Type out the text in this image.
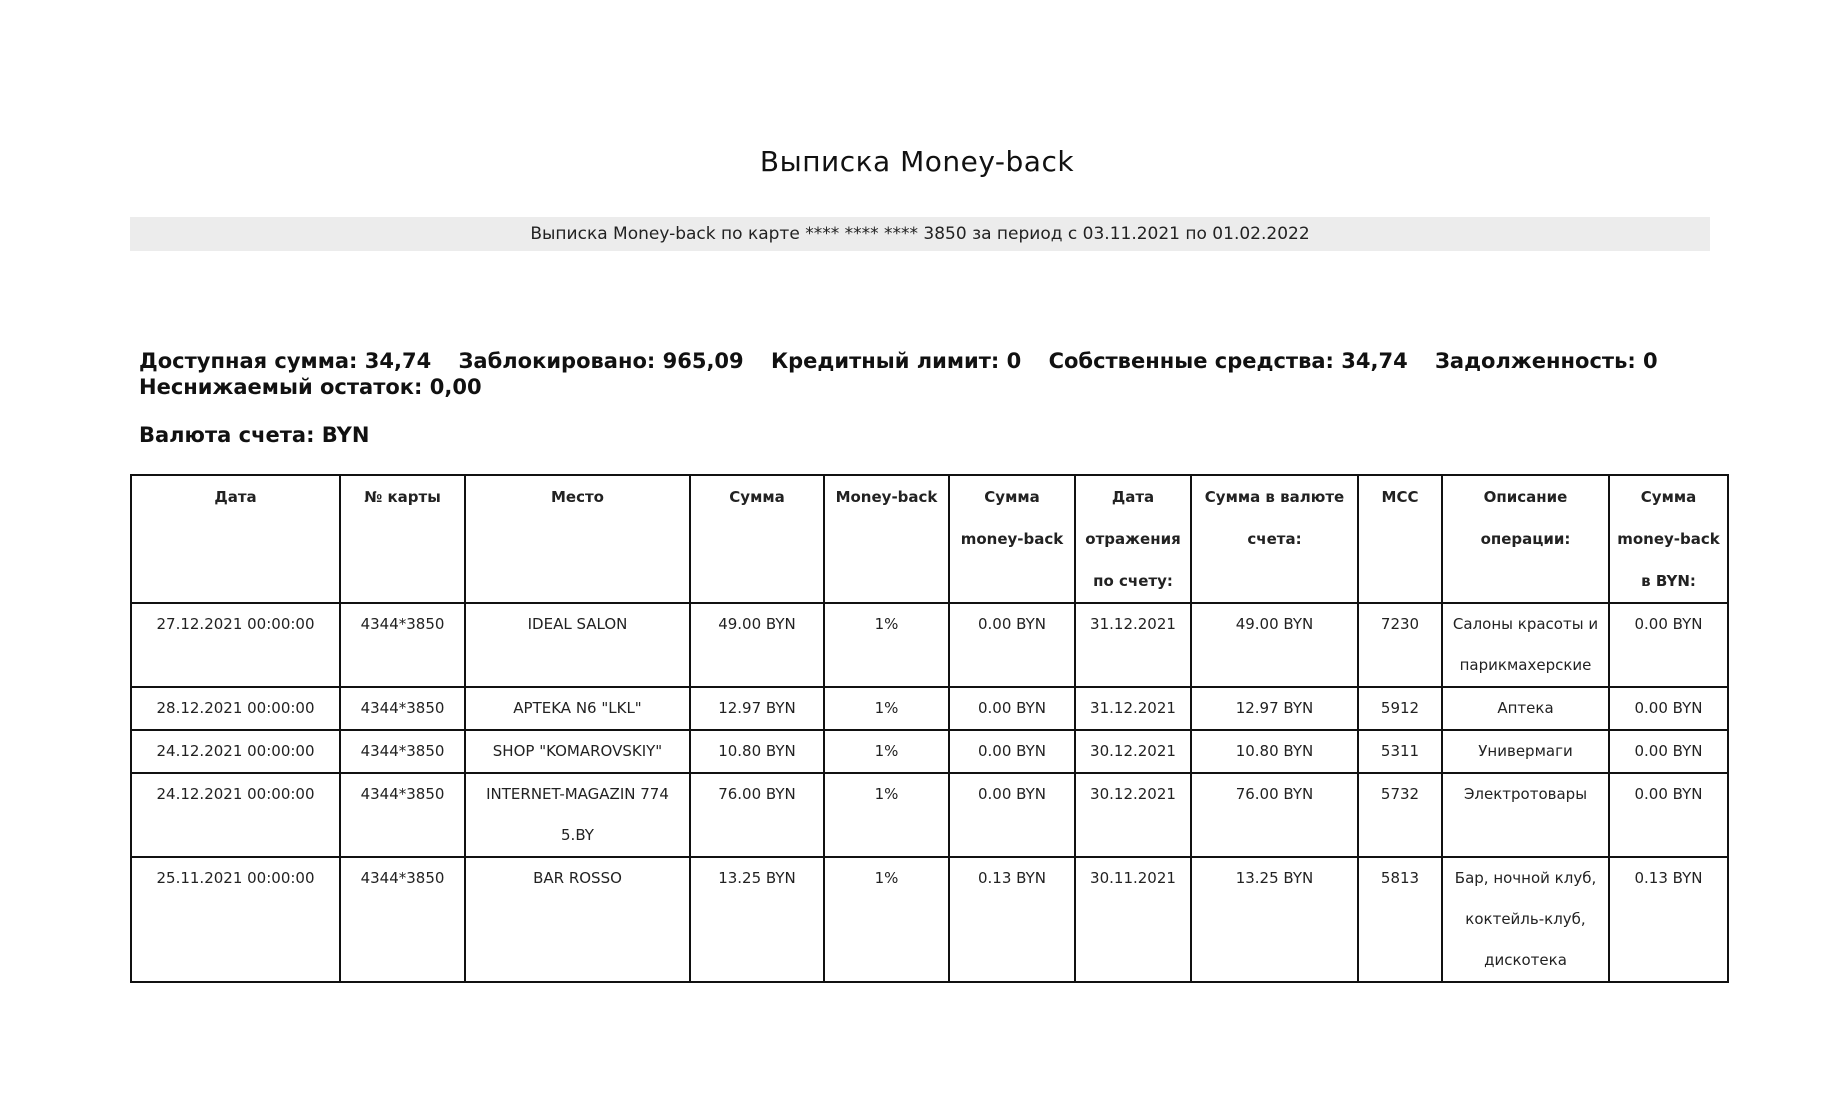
Выписка Money-back
Выписка Money-back по карте **** **** **** 3850 за период с 03.11.2021 по 01.02.2022
Доступная сумма: 34,74 Заблокировано: 965,09 Кредитный лимит: 0 Собственные средства: 34,74 Задолженность: 0
Неснижаемый остаток: 0,00
Валюта счета: BYN
Дата	№ карты	Место	Сумма	Money-back	Сумма money-back	Дата отражения по счету:	Сумма в валюте счета:	MCC	Описание операции:	Сумма money-back в BYN:
27.12.2021 00:00:00	4344*3850	IDEAL SALON	49.00 BYN	1%	0.00 BYN	31.12.2021	49.00 BYN	7230	Салоны красоты и парикмахерские	0.00 BYN
28.12.2021 00:00:00	4344*3850	APTEKA N6 "LKL"	12.97 BYN	1%	0.00 BYN	31.12.2021	12.97 BYN	5912	Аптека	0.00 BYN
24.12.2021 00:00:00	4344*3850	SHOP "KOMAROVSKIY"	10.80 BYN	1%	0.00 BYN	30.12.2021	10.80 BYN	5311	Универмаги	0.00 BYN
24.12.2021 00:00:00	4344*3850	INTERNET-MAGAZIN 774 5.BY	76.00 BYN	1%	0.00 BYN	30.12.2021	76.00 BYN	5732	Электротовары	0.00 BYN
25.11.2021 00:00:00	4344*3850	BAR ROSSO	13.25 BYN	1%	0.13 BYN	30.11.2021	13.25 BYN	5813	Бар, ночной клуб, коктейль-клуб, дискотека	0.13 BYN
